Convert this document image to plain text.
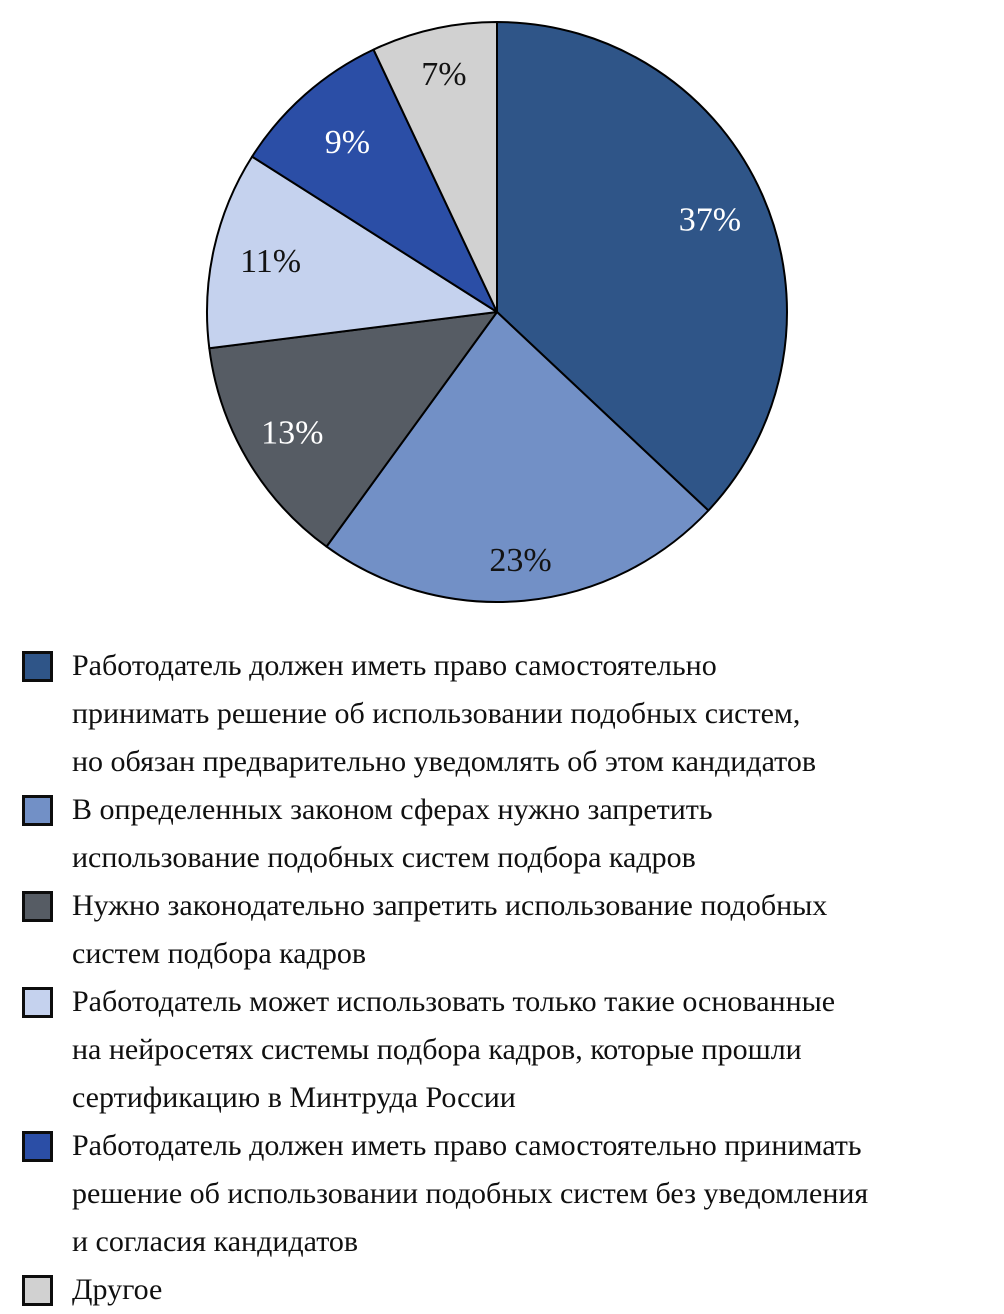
37%
23%
13%
11%
9%
7%
Работодатель должен иметь право самостоятельно
принимать решение об использовании подобных систем,
но обязан предварительно уведомлять об этом кандидатов
В определенных законом сферах нужно запретить
использование подобных систем подбора кадров
Нужно законодательно запретить использование подобных
систем подбора кадров
Работодатель может использовать только такие основанные
на нейросетях системы подбора кадров, которые прошли
сертификацию в Минтруда России
Работодатель должен иметь право самостоятельно принимать
решение об использовании подобных систем без уведомления
и согласия кандидатов
Другое
